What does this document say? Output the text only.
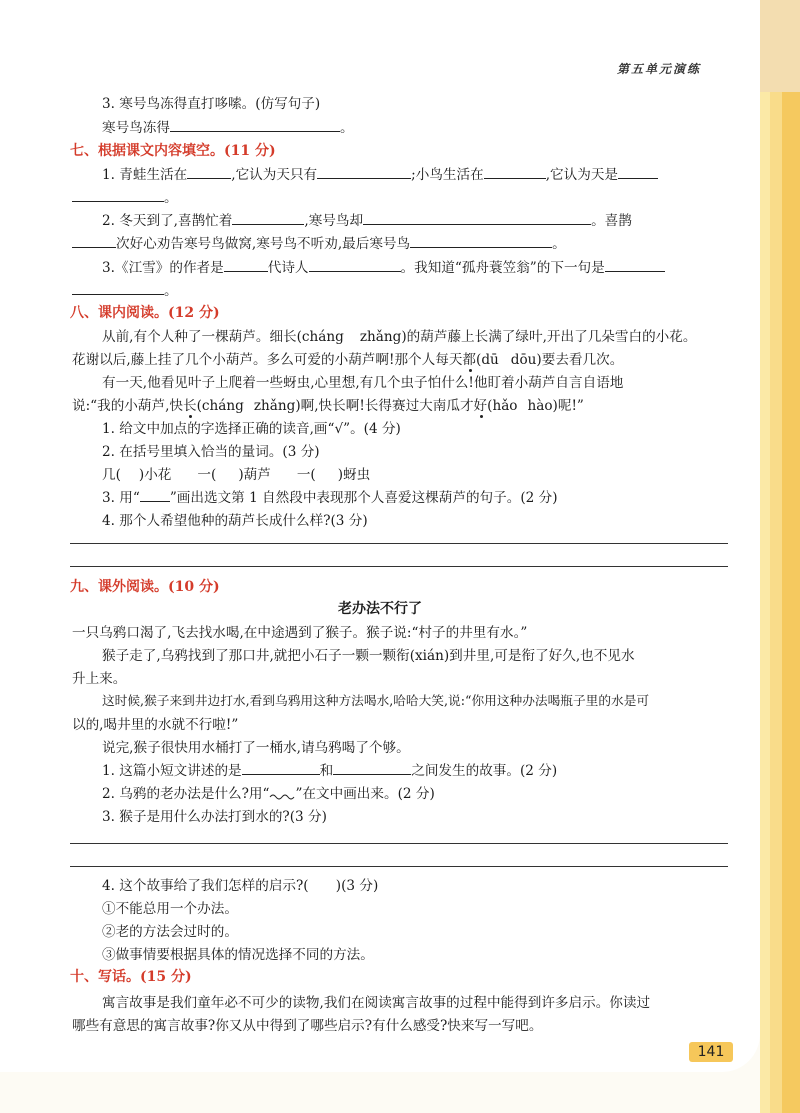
第五单元演练
3. 寒号鸟冻得直打哆嗦。(仿写句子)
寒号鸟冻得	。
七、根据课文内容填空。(11 分)
1. 青蛙生活在	,它认为天只有	;小鸟生活在	,它认为天是
。
2. 冬天到了,喜鹊忙着	,寒号鸟却	。喜鹊
次好心劝告寒号鸟做窝,寒号鸟不听劝,最后寒号鸟	。
3.《江雪》的作者是	代诗人	。我知道“孤舟蓑笠翁”的下一句是
。
八、课内阅读。(12 分)
从前,有个人种了一棵葫芦。细长(cháng zhǎng)的葫芦藤上长满了绿叶,开出了几朵雪白的小花。
花谢以后,藤上挂了几个小葫芦。多么可爱的小葫芦啊!那个人每天都(dū dōu)要去看几次。
有一天,他看见叶子上爬着一些蚜虫,心里想,有几个虫子怕什么!他盯着小葫芦自言自语地
说:“我的小葫芦,快长(cháng zhǎng)啊,快长啊!长得赛过大南瓜才好(hǎo hào)呢!”
1. 给文中加点的字选择正确的读音,画“√”。(4 分)
2. 在括号里填入恰当的量词。(3 分)
几( )小花 一( )葫芦 一( )蚜虫
3. 用“ ”画出选文第 1 自然段中表现那个人喜爱这棵葫芦的句子。(2 分)
4. 那个人希望他种的葫芦长成什么样?(3 分)
九、课外阅读。(10 分)
老办法不行了
一只乌鸦口渴了,飞去找水喝,在中途遇到了猴子。猴子说:“村子的井里有水。”
猴子走了,乌鸦找到了那口井,就把小石子一颗一颗衔(xián)到井里,可是衔了好久,也不见水
升上来。
这时候,猴子来到井边打水,看到乌鸦用这种方法喝水,哈哈大笑,说:“你用这种办法喝瓶子里的水是可
以的,喝井里的水就不行啦!”
说完,猴子很快用水桶打了一桶水,请乌鸦喝了个够。
1. 这篇小短文讲述的是	和	之间发生的故事。(2 分)
2. 乌鸦的老办法是什么?用“ ”在文中画出来。(2 分)
3. 猴子是用什么办法打到水的?(3 分)
4. 这个故事给了我们怎样的启示?(　　)(3 分)
①不能总用一个办法。
②老的方法会过时的。
③做事情要根据具体的情况选择不同的方法。
十、写话。(15 分)
寓言故事是我们童年必不可少的读物,我们在阅读寓言故事的过程中能得到许多启示。你读过
哪些有意思的寓言故事?你又从中得到了哪些启示?有什么感受?快来写一写吧。
141
